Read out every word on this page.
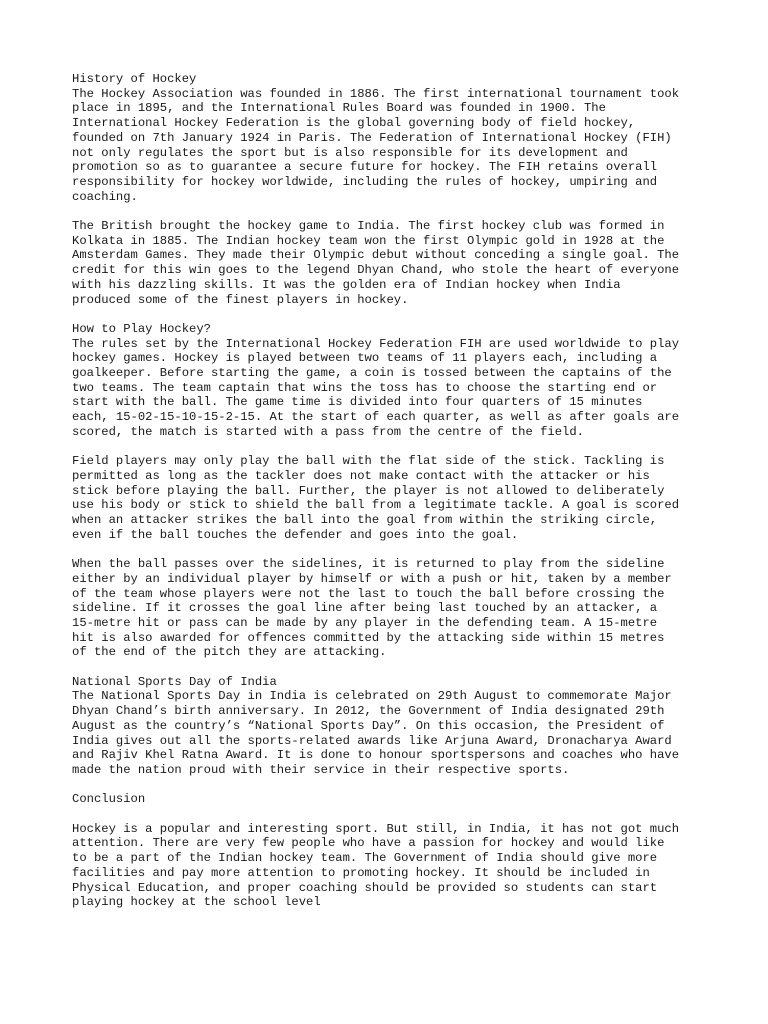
History of Hockey
The Hockey Association was founded in 1886. The first international tournament took
place in 1895, and the International Rules Board was founded in 1900. The
International Hockey Federation is the global governing body of field hockey,
founded on 7th January 1924 in Paris. The Federation of International Hockey (FIH)
not only regulates the sport but is also responsible for its development and
promotion so as to guarantee a secure future for hockey. The FIH retains overall
responsibility for hockey worldwide, including the rules of hockey, umpiring and
coaching.
The British brought the hockey game to India. The first hockey club was formed in
Kolkata in 1885. The Indian hockey team won the first Olympic gold in 1928 at the
Amsterdam Games. They made their Olympic debut without conceding a single goal. The
credit for this win goes to the legend Dhyan Chand, who stole the heart of everyone
with his dazzling skills. It was the golden era of Indian hockey when India
produced some of the finest players in hockey.
How to Play Hockey?
The rules set by the International Hockey Federation FIH are used worldwide to play
hockey games. Hockey is played between two teams of 11 players each, including a
goalkeeper. Before starting the game, a coin is tossed between the captains of the
two teams. The team captain that wins the toss has to choose the starting end or
start with the ball. The game time is divided into four quarters of 15 minutes
each, 15-02-15-10-15-2-15. At the start of each quarter, as well as after goals are
scored, the match is started with a pass from the centre of the field.
Field players may only play the ball with the flat side of the stick. Tackling is
permitted as long as the tackler does not make contact with the attacker or his
stick before playing the ball. Further, the player is not allowed to deliberately
use his body or stick to shield the ball from a legitimate tackle. A goal is scored
when an attacker strikes the ball into the goal from within the striking circle,
even if the ball touches the defender and goes into the goal.
When the ball passes over the sidelines, it is returned to play from the sideline
either by an individual player by himself or with a push or hit, taken by a member
of the team whose players were not the last to touch the ball before crossing the
sideline. If it crosses the goal line after being last touched by an attacker, a
15-metre hit or pass can be made by any player in the defending team. A 15-metre
hit is also awarded for offences committed by the attacking side within 15 metres
of the end of the pitch they are attacking.
National Sports Day of India
The National Sports Day in India is celebrated on 29th August to commemorate Major
Dhyan Chand’s birth anniversary. In 2012, the Government of India designated 29th
August as the country’s “National Sports Day”. On this occasion, the President of
India gives out all the sports-related awards like Arjuna Award, Dronacharya Award
and Rajiv Khel Ratna Award. It is done to honour sportspersons and coaches who have
made the nation proud with their service in their respective sports.
Conclusion
Hockey is a popular and interesting sport. But still, in India, it has not got much
attention. There are very few people who have a passion for hockey and would like
to be a part of the Indian hockey team. The Government of India should give more
facilities and pay more attention to promoting hockey. It should be included in
Physical Education, and proper coaching should be provided so students can start
playing hockey at the school level
